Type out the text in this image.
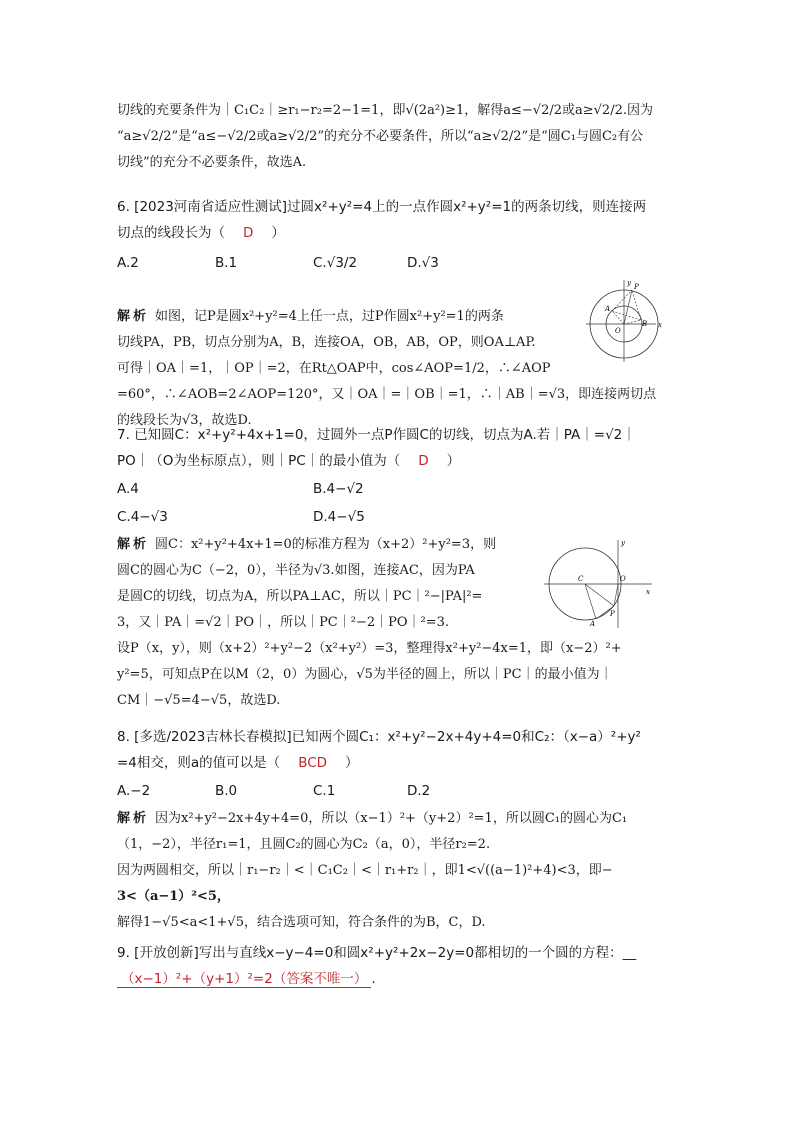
切线的充要条件为｜C₁C₂｜≥r₁−r₂=2−1=1，即√(2a²)≥1，解得a≤−√2/2或a≥√2/2.因为
“a≥√2/2”是“a≤−√2/2或a≥√2/2”的充分不必要条件，所以“a≥√2/2”是“圆C₁与圆C₂有公
切线”的充分不必要条件，故选A.
6. [2023河南省适应性测试]过圆x²+y²=4上的一点作圆x²+y²=1的两条切线，则连接两
切点的线段长为（ D ）
A.2	B.1	C.√3/2	D.√3
解析 如图，记P是圆x²+y²=4上任一点，过P作圆x²+y²=1的两条
切线PA，PB，切点分别为A，B，连接OA，OB，AB，OP，则OA⊥AP.
可得｜OA｜=1，｜OP｜=2，在Rt△OAP中，cos∠AOP=1/2，∴∠AOP
=60°，∴∠AOB=2∠AOP=120°，又｜OA｜=｜OB｜=1，∴｜AB｜=√3，即连接两切点
的线段长为√3，故选D.
y
x
O
A
B
P
7. 已知圆C：x²+y²+4x+1=0，过圆外一点P作圆C的切线，切点为A.若｜PA｜=√2｜
PO｜（O为坐标原点），则｜PC｜的最小值为（ D ）
A.4	B.4−√2
C.4−√3	D.4−√5
解析 圆C：x²+y²+4x+1=0的标准方程为（x+2）²+y²=3，则
圆C的圆心为C（−2，0），半径为√3.如图，连接AC，因为PA
是圆C的切线，切点为A，所以PA⊥AC，所以｜PC｜²−|PA|²=
3，又｜PA｜=√2｜PO｜，所以｜PC｜²−2｜PO｜²=3.
设P（x，y），则（x+2）²+y²−2（x²+y²）=3，整理得x²+y²−4x=1，即（x−2）²+
y²=5，可知点P在以M（2，0）为圆心，√5为半径的圆上，所以｜PC｜的最小值为｜
CM｜−√5=4−√5，故选D.
y
x
O
C
A
P
8. [多选/2023吉林长春模拟]已知两个圆C₁：x²+y²−2x+4y+4=0和C₂：（x−a）²+y²
=4相交，则a的值可以是（ BCD ）
A.−2	B.0	C.1	D.2
解析 因为x²+y²−2x+4y+4=0，所以（x−1）²+（y+2）²=1，所以圆C₁的圆心为C₁
（1，−2），半径r₁=1，且圆C₂的圆心为C₂（a，0），半径r₂=2.
因为两圆相交，所以｜r₁−r₂｜<｜C₁C₂｜<｜r₁+r₂｜，即1<√((a−1)²+4)<3，即−
3<（a−1）²<5，
解得1−√5<a<1+√5，结合选项可知，符合条件的为B，C，D.
9. [开放创新]写出与直线x−y−4=0和圆x²+y²+2x−2y=0都相切的一个圆的方程：__
（x−1）²+（y+1）²=2（答案不唯一） .
